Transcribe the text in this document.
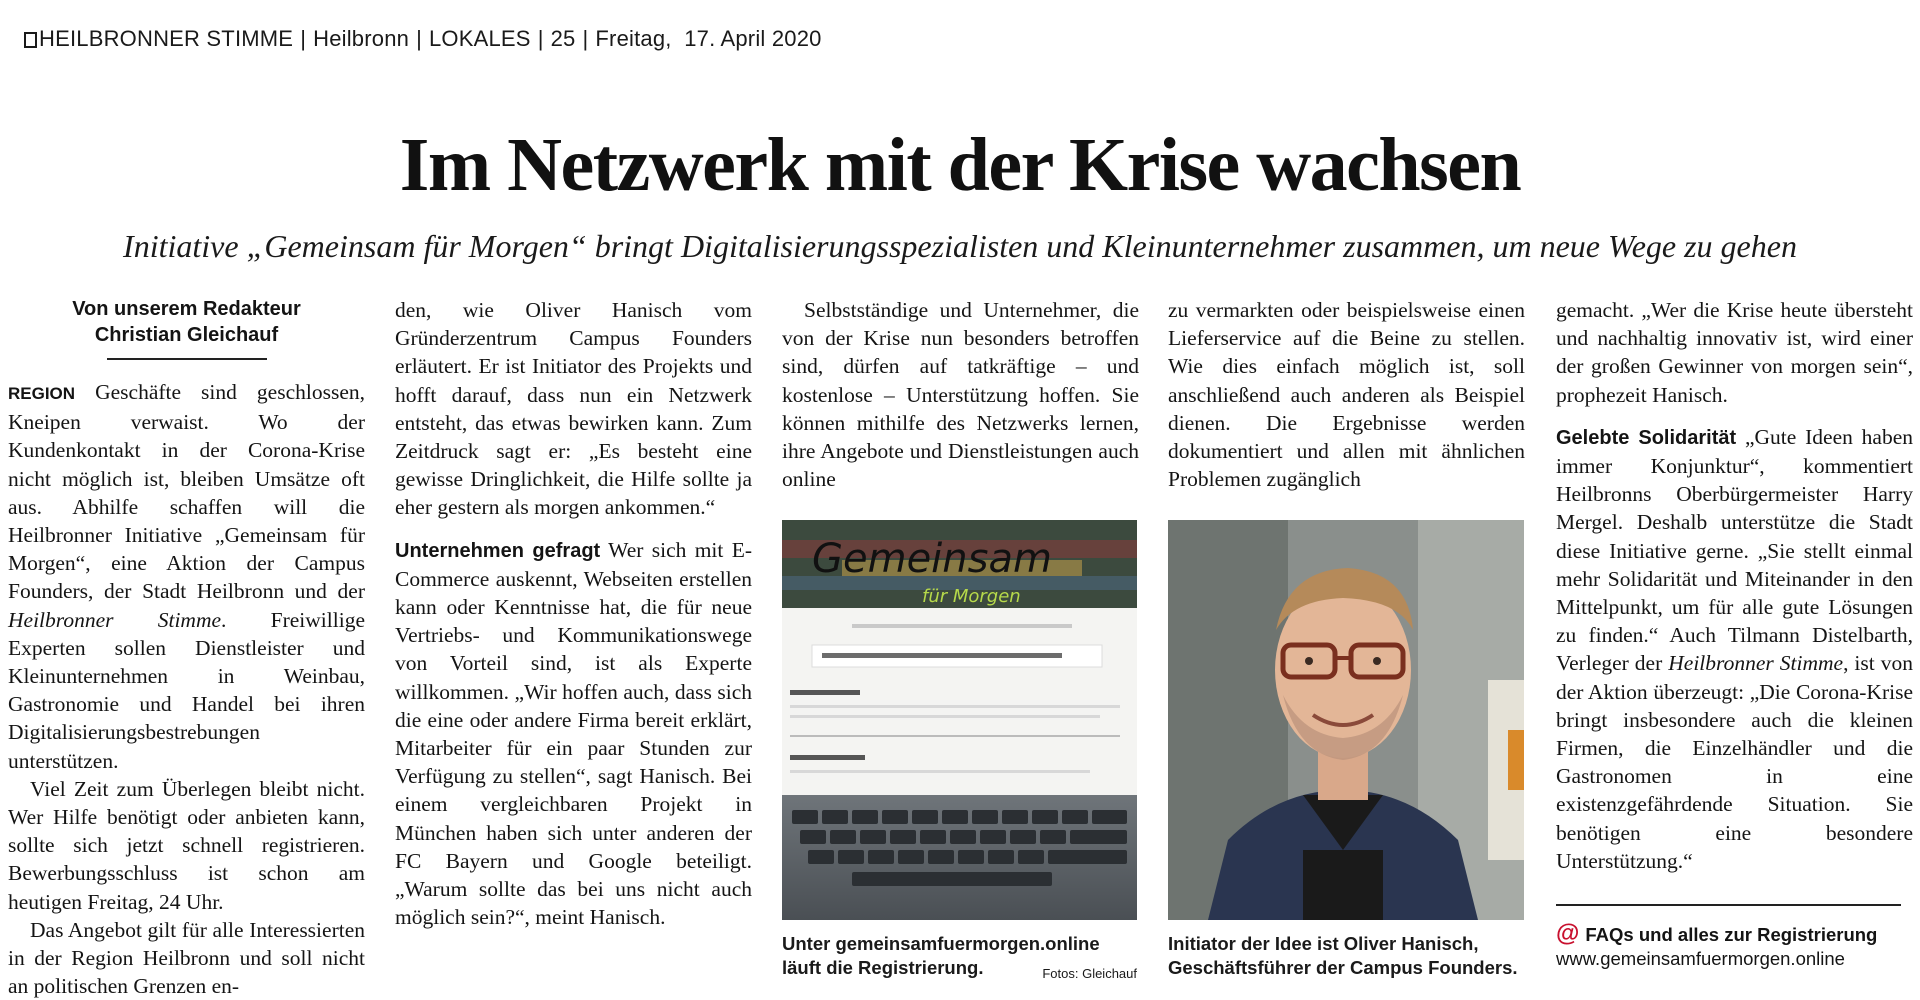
HEILBRONNER STIMME | Heilbronn | LOKALES | 25 | Freitag, 17. April 2020
Im Netzwerk mit der Krise wachsen
Initiative „Gemeinsam für Morgen“ bringt Digitalisierungsspezialisten und Kleinunternehmer zusammen, um neue Wege zu gehen
Von unserem Redakteur
Christian Gleichauf

REGION Geschäfte sind geschlossen, Kneipen verwaist. Wo der Kundenkontakt in der Corona-Krise nicht möglich ist, bleiben Umsätze oft aus. Abhilfe schaffen will die Heilbronner Initiative „Gemeinsam für Morgen“, eine Aktion der Campus Founders, der Stadt Heilbronn und der Heilbronner Stimme. Freiwillige Experten sollen Dienstleister und Kleinunternehmen in Weinbau, Gastronomie und Handel bei ihren Digitalisierungsbestrebungen unterstützen.

Viel Zeit zum Überlegen bleibt nicht. Wer Hilfe benötigt oder anbieten kann, sollte sich jetzt schnell registrieren. Bewerbungsschluss ist schon am heutigen Freitag, 24 Uhr.

Das Angebot gilt für alle Interessierten in der Region Heilbronn und soll nicht an politischen Grenzen en-

den, wie Oliver Hanisch vom Gründerzentrum Campus Founders erläutert. Er ist Initiator des Projekts und hofft darauf, dass nun ein Netzwerk entsteht, das etwas bewirken kann. Zum Zeitdruck sagt er: „Es besteht eine gewisse Dringlichkeit, die Hilfe sollte ja eher gestern als morgen ankommen.“

Unternehmen gefragt Wer sich mit E-Commerce auskennt, Webseiten erstellen kann oder Kenntnisse hat, die für neue Vertriebs- und Kommunikationswege von Vorteil sind, ist als Experte willkommen. „Wir hoffen auch, dass sich die eine oder andere Firma bereit erklärt, Mitarbeiter für ein paar Stunden zur Verfügung zu stellen“, sagt Hanisch. Bei einem vergleichbaren Projekt in München haben sich unter anderen der FC Bayern und Google beteiligt. „Warum sollte das bei uns nicht auch möglich sein?“, meint Hanisch.

Selbstständige und Unternehmer, die von der Krise nun besonders betroffen sind, dürfen auf tatkräftige – und kostenlose – Unterstützung hoffen. Sie können mithilfe des Netzwerks lernen, ihre Angebote und Dienstleistungen auch online

zu vermarkten oder beispielsweise einen Lieferservice auf die Beine zu stellen. Wie dies einfach möglich ist, soll anschließend auch anderen als Beispiel dienen. Die Ergebnisse werden dokumentiert und allen mit ähnlichen Problemen zugänglich

gemacht. „Wer die Krise heute übersteht und nachhaltig innovativ ist, wird einer der großen Gewinner von morgen sein“, prophezeit Hanisch.

Gelebte Solidarität „Gute Ideen haben immer Konjunktur“, kommentiert Heilbronns Oberbürgermeister Harry Mergel. Deshalb unterstütze die Stadt diese Initiative gerne. „Sie stellt einmal mehr Solidarität und Miteinander in den Mittelpunkt, um für alle gute Lösungen zu finden.“ Auch Tilmann Distelbarth, Verleger der Heilbronner Stimme, ist von der Aktion überzeugt: „Die Corona-Krise bringt insbesondere auch die kleinen Firmen, die Einzelhändler und die Gastronomen in eine existenzgefährdende Situation. Sie benötigen eine besondere Unterstützung.“

Gemeinsam
für Morgen
Unter gemeinsamfuermorgen.online läuft die Registrierung.	Fotos: Gleichauf
Initiator der Idee ist Oliver Hanisch, Geschäftsführer der Campus Founders.
@ FAQs und alles zur Registrierung
www.gemeinsamfuermorgen.online
